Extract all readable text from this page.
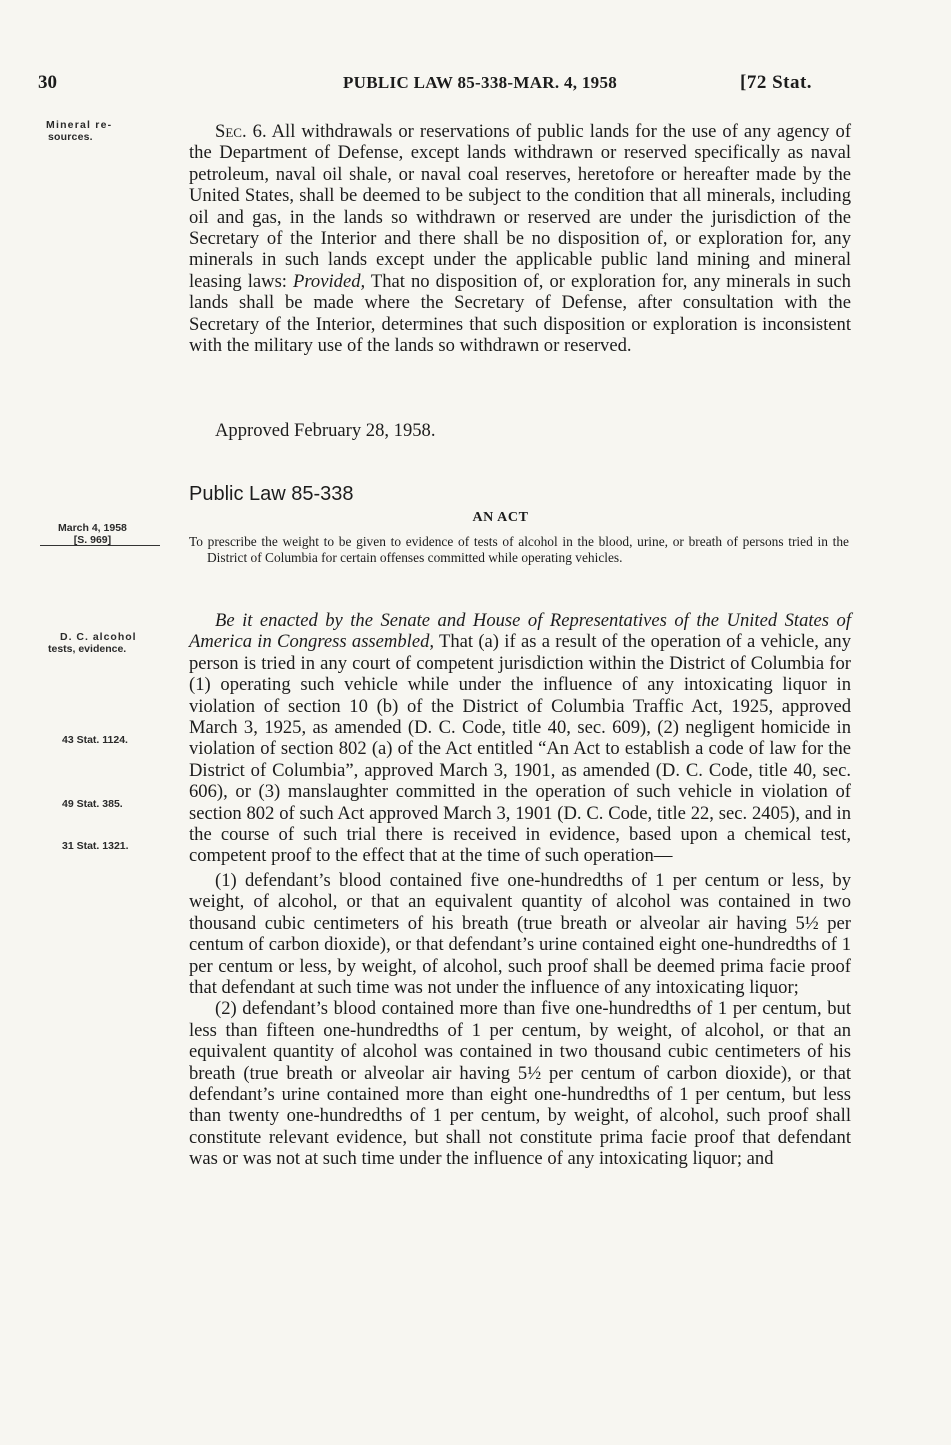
30	PUBLIC LAW 85-338-MAR. 4, 1958	[72 Stat.
Mineral re-
sources.
March 4, 1958
[S. 969]
D. C. alcohol
tests, evidence.
43 Stat. 1124.
49 Stat. 385.
31 Stat. 1321.

Sec. 6. All withdrawals or reservations of public lands for the use of any agency of the Department of Defense, except lands withdrawn or reserved specifically as naval petroleum, naval oil shale, or naval coal reserves, heretofore or hereafter made by the United States, shall be deemed to be subject to the condition that all minerals, including oil and gas, in the lands so withdrawn or reserved are under the jurisdiction of the Secretary of the Interior and there shall be no disposition of, or exploration for, any minerals in such lands except under the applicable public land mining and mineral leasing laws: Provided, That no disposition of, or exploration for, any minerals in such lands shall be made where the Secretary of Defense, after consultation with the Secretary of the Interior, determines that such disposition or exploration is inconsistent with the military use of the lands so withdrawn or reserved.

Approved February 28, 1958.
Public Law 85-338
AN ACT
To prescribe the weight to be given to evidence of tests of alcohol in the blood, urine, or breath of persons tried in the District of Columbia for certain offenses committed while operating vehicles.

Be it enacted by the Senate and House of Representatives of the United States of America in Congress assembled, That (a) if as a result of the operation of a vehicle, any person is tried in any court of competent jurisdiction within the District of Columbia for (1) operating such vehicle while under the influence of any intoxicating liquor in violation of section 10 (b) of the District of Columbia Traffic Act, 1925, approved March 3, 1925, as amended (D. C. Code, title 40, sec. 609), (2) negligent homicide in violation of section 802 (a) of the Act entitled “An Act to establish a code of law for the District of Columbia”, approved March 3, 1901, as amended (D. C. Code, title 40, sec. 606), or (3) manslaughter committed in the operation of such vehicle in violation of section 802 of such Act approved March 3, 1901 (D. C. Code, title 22, sec. 2405), and in the course of such trial there is received in evidence, based upon a chemical test, competent proof to the effect that at the time of such operation—

(1) defendant’s blood contained five one-hundredths of 1 per centum or less, by weight, of alcohol, or that an equivalent quantity of alcohol was contained in two thousand cubic centimeters of his breath (true breath or alveolar air having 5½ per centum of carbon dioxide), or that defendant’s urine contained eight one-hundredths of 1 per centum or less, by weight, of alcohol, such proof shall be deemed prima facie proof that defendant at such time was not under the influence of any intoxicating liquor;

(2) defendant’s blood contained more than five one-hundredths of 1 per centum, but less than fifteen one-hundredths of 1 per centum, by weight, of alcohol, or that an equivalent quantity of alcohol was contained in two thousand cubic centimeters of his breath (true breath or alveolar air having 5½ per centum of carbon dioxide), or that defendant’s urine contained more than eight one-hundredths of 1 per centum, but less than twenty one-hundredths of 1 per centum, by weight, of alcohol, such proof shall constitute relevant evidence, but shall not constitute prima facie proof that defendant was or was not at such time under the influence of any intoxicating liquor; and
